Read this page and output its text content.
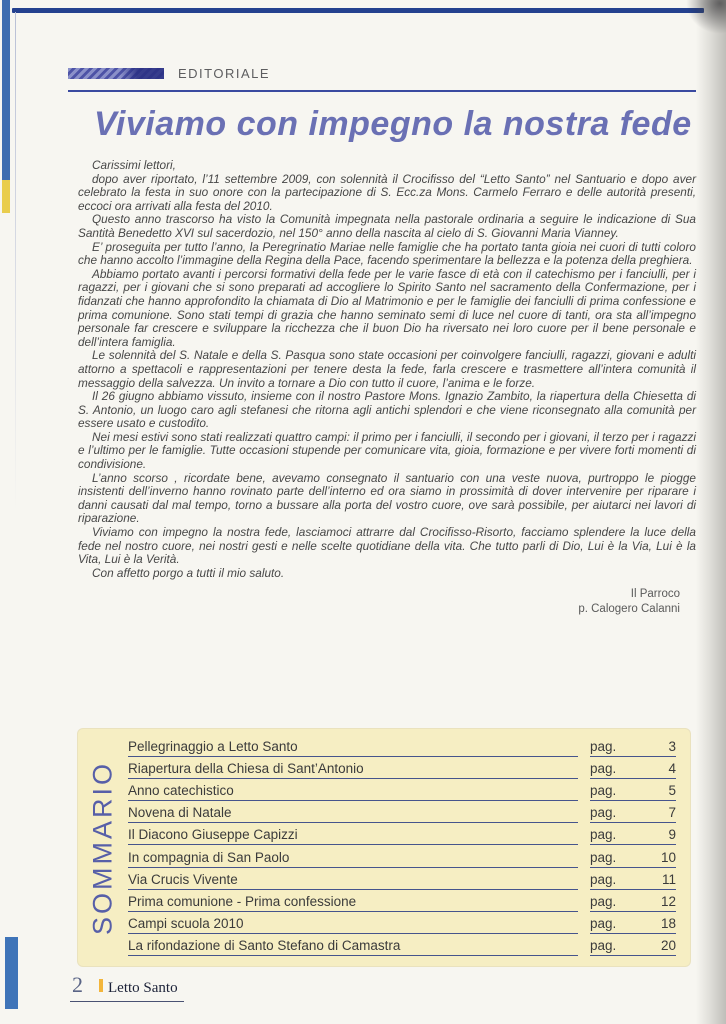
EDITORIALE
Viviamo con impegno la nostra fede

Carissimi lettori,

dopo aver riportato, l’11 settembre 2009, con solennità il Crocifisso del “Letto Santo” nel Santuario e dopo aver celebrato la festa in suo onore con la partecipazione di S. Ecc.za Mons. Carmelo Ferraro e delle autorità presenti, eccoci ora arrivati alla festa del 2010.

Questo anno trascorso ha visto la Comunità impegnata nella pastorale ordinaria a seguire le indicazione di Sua Santità Benedetto XVI sul sacerdozio, nel 150° anno della nascita al cielo di S. Giovanni Maria Vianney.

E’ proseguita per tutto l’anno, la Peregrinatio Mariae nelle famiglie che ha portato tanta gioia nei cuori di tutti coloro che hanno accolto l’immagine della Regina della Pace, facendo sperimentare la bellezza e la potenza della preghiera.

Abbiamo portato avanti i percorsi formativi della fede per le varie fasce di età con il catechismo per i fanciulli, per i ragazzi, per i giovani che si sono preparati ad accogliere lo Spirito Santo nel sacramento della Confermazione, per i fidanzati che hanno approfondito la chiamata di Dio al Matrimonio e per le famiglie dei fanciulli di prima confessione e prima comunione. Sono stati tempi di grazia che hanno seminato semi di luce nel cuore di tanti, ora sta all’impegno personale far crescere e sviluppare la ricchezza che il buon Dio ha riversato nei loro cuore per il bene personale e dell’intera famiglia.

Le solennità del S. Natale e della S. Pasqua sono state occasioni per coinvolgere fanciulli, ragazzi, giovani e adulti attorno a spettacoli e rappresentazioni per tenere desta la fede, farla crescere e trasmettere all’intera comunità il messaggio della salvezza. Un invito a tornare a Dio con tutto il cuore, l’anima e le forze.

Il 26 giugno abbiamo vissuto, insieme con il nostro Pastore Mons. Ignazio Zambito, la riapertura della Chiesetta di S. Antonio, un luogo caro agli stefanesi che ritorna agli antichi splendori e che viene riconsegnato alla comunità per essere usato e custodito.

Nei mesi estivi sono stati realizzati quattro campi: il primo per i fanciulli, il secondo per i giovani, il terzo per i ragazzi e l’ultimo per le famiglie. Tutte occasioni stupende per comunicare vita, gioia, formazione e per vivere forti momenti di condivisione.

L’anno scorso , ricordate bene, avevamo consegnato il santuario con una veste nuova, purtroppo le piogge insistenti dell’inverno hanno rovinato parte dell’interno ed ora siamo in prossimità di dover intervenire per riparare i danni causati dal mal tempo, torno a bussare alla porta del vostro cuore, ove sarà possibile, per aiutarci nei lavori di riparazione.

Viviamo con impegno la nostra fede, lasciamoci attrarre dal Crocifisso-Risorto, facciamo splendere la luce della fede nel nostro cuore, nei nostri gesti e nelle scelte quotidiane della vita. Che tutto parli di Dio, Lui è la Via, Lui è la Vita, Lui è la Verità.

Con affetto porgo a tutti il mio saluto.

Il Parroco
p. Calogero Calanni
SOMMARIO
Pellegrinaggio a Letto Santo	pag.	3
Riapertura della Chiesa di Sant’Antonio	pag.	4
Anno catechistico	pag.	5
Novena di Natale	pag.	7
Il Diacono Giuseppe Capizzi	pag.	9
In compagnia di San Paolo	pag.	10
Via Crucis Vivente	pag.	11
Prima comunione - Prima confessione	pag.	12
Campi scuola 2010	pag.	18
La rifondazione di Santo Stefano di Camastra	pag.	20
2 Letto Santo
